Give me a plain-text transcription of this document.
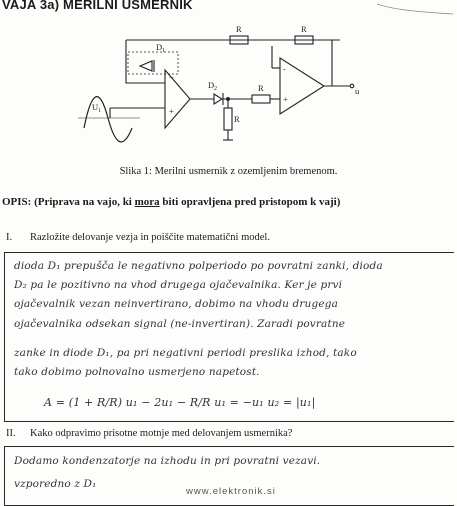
VAJA 3a) MERILNI USMERNIK
D 1
D 2
R	R
R
R
U 1
−
+
-
+
u
Slika 1: Merilni usmernik z ozemljenim bremenom.
OPIS: (Priprava na vajo, ki mora biti opravljena pred pristopom k vaji)
I. Razložite delovanje vezja in poiščite matematični model.
dioda D₁ prepušča le negativno polperiodo po povratni zanki, dioda
D₂ pa le pozitivno na vhod drugega ojačevalnika. Ker je prvi
ojačevalnik vezan neinvertirano, dobimo na vhodu drugega
ojačevalnika odsekan signal (ne-invertiran). Zaradi povratne
zanke in diode D₁, pa pri negativni periodi preslika izhod, tako
tako dobimo polnovalno usmerjeno napetost.
A = (1 + R/R) u₁ − 2u₁ − R/R u₁ = −u₁ u₂ = |u₁|
II. Kako odpravimo prisotne motnje med delovanjem usmernika?
Dodamo kondenzatorje na izhodu in pri povratni vezavi.
vzporedno z D₁
www.elektronik.si
